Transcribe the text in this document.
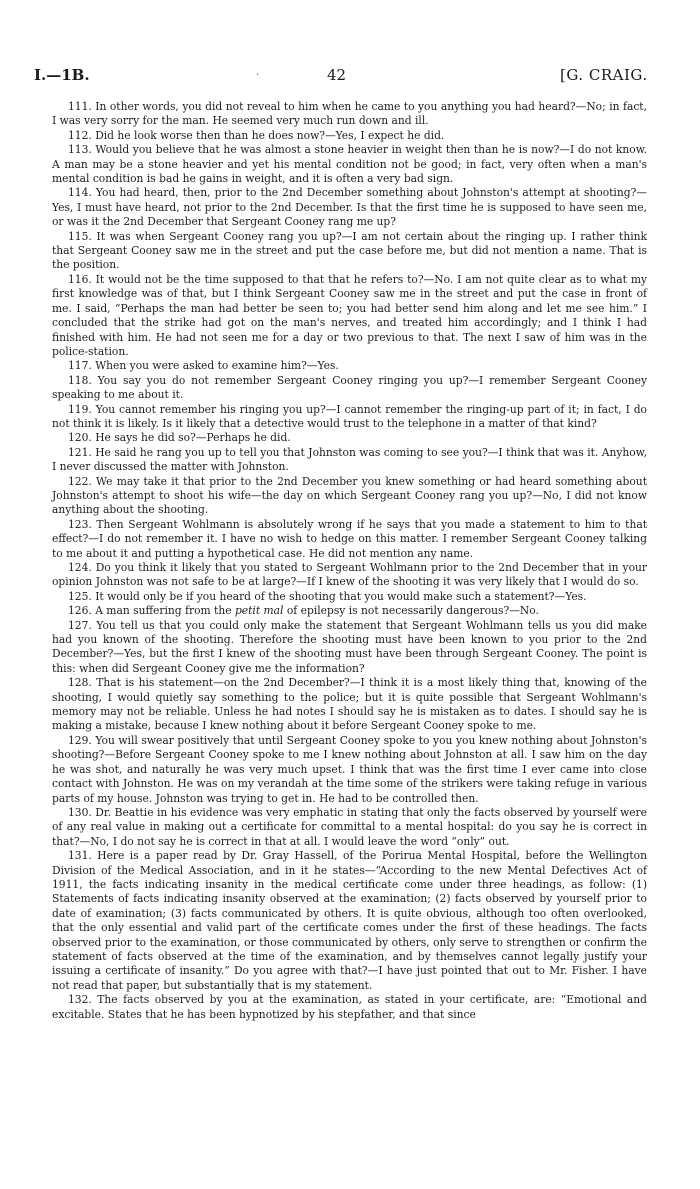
I.—1B.	·	42	[G. CRAIG.

111. In other words, you did not reveal to him when he came to you anything you had heard?—No; in fact, I was very sorry for the man. He seemed very much run down and ill.

112. Did he look worse then than he does now?—Yes, I expect he did.

113. Would you believe that he was almost a stone heavier in weight then than he is now?—I do not know. A man may be a stone heavier and yet his mental condition not be good; in fact, very often when a man's mental condition is bad he gains in weight, and it is often a very bad sign.

114. You had heard, then, prior to the 2nd December something about Johnston's attempt at shooting?—Yes, I must have heard, not prior to the 2nd December. Is that the first time he is supposed to have seen me, or was it the 2nd December that Sergeant Cooney rang me up?

115. It was when Sergeant Cooney rang you up?—I am not certain about the ringing up. I rather think that Sergeant Cooney saw me in the street and put the case before me, but did not mention a name. That is the position.

116. It would not be the time supposed to that that he refers to?—No. I am not quite clear as to what my first knowledge was of that, but I think Sergeant Cooney saw me in the street and put the case in front of me. I said, “Perhaps the man had better be seen to; you had better send him along and let me see him.” I concluded that the strike had got on the man's nerves, and treated him accordingly; and I think I had finished with him. He had not seen me for a day or two previous to that. The next I saw of him was in the police-station.

117. When you were asked to examine him?—Yes.

118. You say you do not remember Sergeant Cooney ringing you up?—I remember Sergeant Cooney speaking to me about it.

119. You cannot remember his ringing you up?—I cannot remember the ringing-up part of it; in fact, I do not think it is likely. Is it likely that a detective would trust to the telephone in a matter of that kind?

120. He says he did so?—Perhaps he did.

121. He said he rang you up to tell you that Johnston was coming to see you?—I think that was it. Anyhow, I never discussed the matter with Johnston.

122. We may take it that prior to the 2nd December you knew something or had heard something about Johnston's attempt to shoot his wife—the day on which Sergeant Cooney rang you up?—No, I did not know anything about the shooting.

123. Then Sergeant Wohlmann is absolutely wrong if he says that you made a statement to him to that effect?—I do not remember it. I have no wish to hedge on this matter. I remember Sergeant Cooney talking to me about it and putting a hypothetical case. He did not mention any name.

124. Do you think it likely that you stated to Sergeant Wohlmann prior to the 2nd December that in your opinion Johnston was not safe to be at large?—If I knew of the shooting it was very likely that I would do so.

125. It would only be if you heard of the shooting that you would make such a statement?—Yes.

126. A man suffering from the petit mal of epilepsy is not necessarily dangerous?—No.

127. You tell us that you could only make the statement that Sergeant Wohlmann tells us you did make had you known of the shooting. Therefore the shooting must have been known to you prior to the 2nd December?—Yes, but the first I knew of the shooting must have been through Sergeant Cooney. The point is this: when did Sergeant Cooney give me the information?

128. That is his statement—on the 2nd December?—I think it is a most likely thing that, knowing of the shooting, I would quietly say something to the police; but it is quite possible that Sergeant Wohlmann's memory may not be reliable. Unless he had notes I should say he is mistaken as to dates. I should say he is making a mistake, because I knew nothing about it before Sergeant Cooney spoke to me.

129. You will swear positively that until Sergeant Cooney spoke to you you knew nothing about Johnston's shooting?—Before Sergeant Cooney spoke to me I knew nothing about Johnston at all. I saw him on the day he was shot, and naturally he was very much upset. I think that was the first time I ever came into close contact with Johnston. He was on my verandah at the time some of the strikers were taking refuge in various parts of my house. Johnston was trying to get in. He had to be controlled then.

130. Dr. Beattie in his evidence was very emphatic in stating that only the facts observed by yourself were of any real value in making out a certificate for committal to a mental hospital: do you say he is correct in that?—No, I do not say he is correct in that at all. I would leave the word “only” out.

131. Here is a paper read by Dr. Gray Hassell, of the Porirua Mental Hospital, before the Wellington Division of the Medical Association, and in it he states—“According to the new Mental Defectives Act of 1911, the facts indicating insanity in the medical certificate come under three headings, as follow: (1) Statements of facts indicating insanity observed at the examination; (2) facts observed by yourself prior to date of examination; (3) facts communicated by others. It is quite obvious, although too often overlooked, that the only essential and valid part of the certificate comes under the first of these headings. The facts observed prior to the examination, or those communicated by others, only serve to strengthen or confirm the statement of facts observed at the time of the examination, and by themselves cannot legally justify your issuing a certificate of insanity.” Do you agree with that?—I have just pointed that out to Mr. Fisher. I have not read that paper, but substantially that is my statement.

132. The facts observed by you at the examination, as stated in your certificate, are: “Emotional and excitable. States that he has been hypnotized by his stepfather, and that since
